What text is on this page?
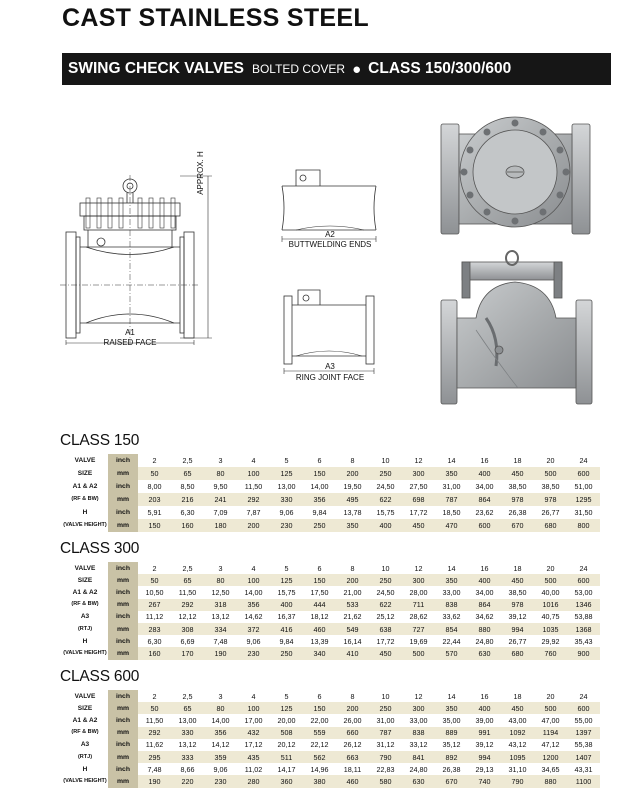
CAST STAINLESS STEEL
SWING CHECK VALVES BOLTED COVER ● CLASS 150/300/600
A1
RAISED FACE
APPROX. H
A2
BUTTWELDING ENDS
A3
RING JOINT FACE
CLASS 150
VALVE	inch	2	2,5	3	4	5	6	8	10	12	14	16	18	20	24

SIZE	mm	50	65	80	100	125	150	200	250	300	350	400	450	500	600

A1 & A2	inch	8,00	8,50	9,50	11,50	13,00	14,00	19,50	24,50	27,50	31,00	34,00	38,50	38,50	51,00

(RF & BW)	mm	203	216	241	292	330	356	495	622	698	787	864	978	978	1295

H	inch	5,91	6,30	7,09	7,87	9,06	9,84	13,78	15,75	17,72	18,50	23,62	26,38	26,77	31,50

(VALVE HEIGHT)	mm	150	160	180	200	230	250	350	400	450	470	600	670	680	800
CLASS 300
VALVE	inch	2	2,5	3	4	5	6	8	10	12	14	16	18	20	24

SIZE	mm	50	65	80	100	125	150	200	250	300	350	400	450	500	600

A1 & A2	inch	10,50	11,50	12,50	14,00	15,75	17,50	21,00	24,50	28,00	33,00	34,00	38,50	40,00	53,00

(RF & BW)	mm	267	292	318	356	400	444	533	622	711	838	864	978	1016	1346

A3	inch	11,12	12,12	13,12	14,62	16,37	18,12	21,62	25,12	28,62	33,62	34,62	39,12	40,75	53,88

(RTJ)	mm	283	308	334	372	416	460	549	638	727	854	880	994	1035	1368

H	inch	6,30	6,69	7,48	9,06	9,84	13,39	16,14	17,72	19,69	22,44	24,80	26,77	29,92	35,43

(VALVE HEIGHT)	mm	160	170	190	230	250	340	410	450	500	570	630	680	760	900
CLASS 600
VALVE	inch	2	2,5	3	4	5	6	8	10	12	14	16	18	20	24

SIZE	mm	50	65	80	100	125	150	200	250	300	350	400	450	500	600

A1 & A2	inch	11,50	13,00	14,00	17,00	20,00	22,00	26,00	31,00	33,00	35,00	39,00	43,00	47,00	55,00

(RF & BW)	mm	292	330	356	432	508	559	660	787	838	889	991	1092	1194	1397

A3	inch	11,62	13,12	14,12	17,12	20,12	22,12	26,12	31,12	33,12	35,12	39,12	43,12	47,12	55,38

(RTJ)	mm	295	333	359	435	511	562	663	790	841	892	994	1095	1200	1407

H	inch	7,48	8,66	9,06	11,02	14,17	14,96	18,11	22,83	24,80	26,38	29,13	31,10	34,65	43,31

(VALVE HEIGHT)	mm	190	220	230	280	360	380	460	580	630	670	740	790	880	1100
